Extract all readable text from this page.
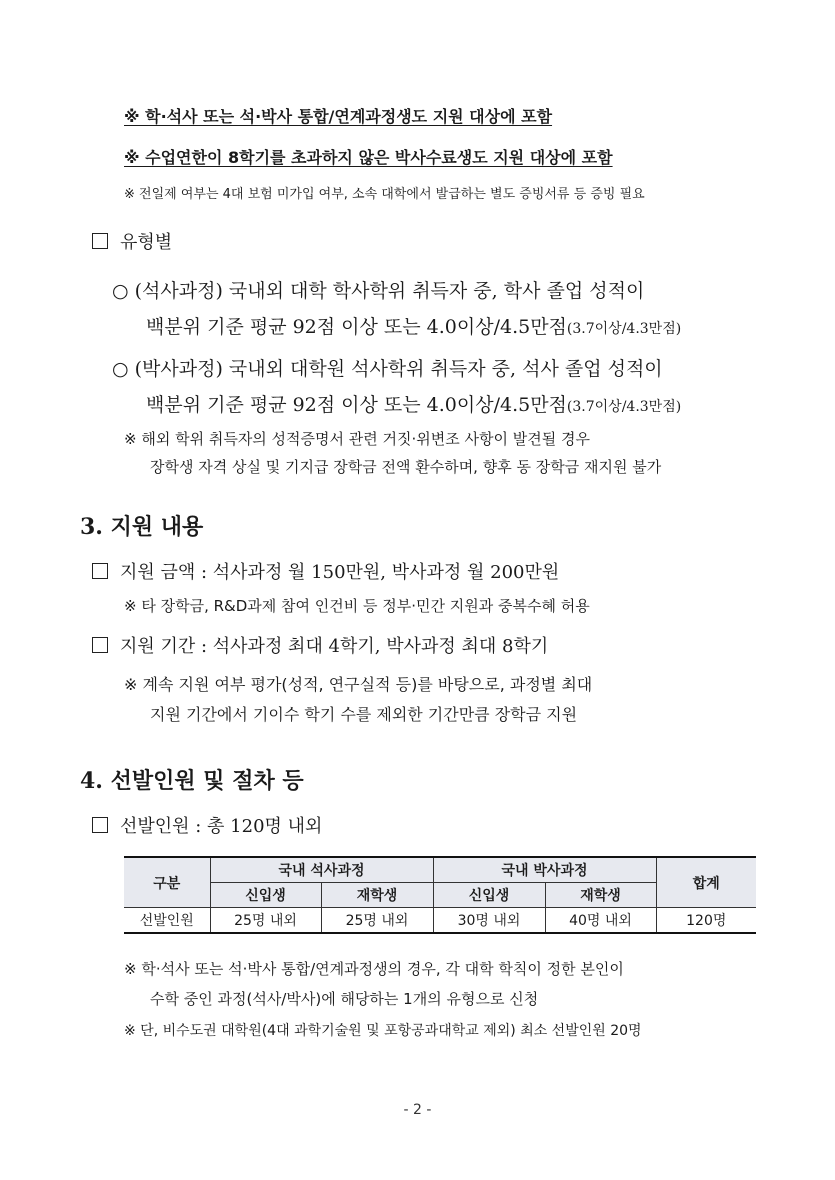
※ 학·석사 또는 석·박사 통합/연계과정생도 지원 대상에 포함
※ 수업연한이 8학기를 초과하지 않은 박사수료생도 지원 대상에 포함
※ 전일제 여부는 4대 보험 미가입 여부, 소속 대학에서 발급하는 별도 증빙서류 등 증빙 필요
유형별
○ (석사과정) 국내외 대학 학사학위 취득자 중, 학사 졸업 성적이
백분위 기준 평균 92점 이상 또는 4.0이상/4.5만점(3.7이상/4.3만점)
○ (박사과정) 국내외 대학원 석사학위 취득자 중, 석사 졸업 성적이
백분위 기준 평균 92점 이상 또는 4.0이상/4.5만점(3.7이상/4.3만점)
※ 해외 학위 취득자의 성적증명서 관련 거짓·위변조 사항이 발견될 경우
장학생 자격 상실 및 기지급 장학금 전액 환수하며, 향후 동 장학금 재지원 불가
3. 지원 내용
지원 금액 : 석사과정 월 150만원, 박사과정 월 200만원
※ 타 장학금, R&D과제 참여 인건비 등 정부·민간 지원과 중복수혜 허용
지원 기간 : 석사과정 최대 4학기, 박사과정 최대 8학기
※ 계속 지원 여부 평가(성적, 연구실적 등)를 바탕으로, 과정별 최대
지원 기간에서 기이수 학기 수를 제외한 기간만큼 장학금 지원
4. 선발인원 및 절차 등
선발인원 : 총 120명 내외
구분	국내 석사과정		국내 박사과정		합계
	신입생	재학생	신입생	재학생	
선발인원	25명 내외	25명 내외	30명 내외	40명 내외	120명
※ 학·석사 또는 석·박사 통합/연계과정생의 경우, 각 대학 학칙이 정한 본인이
수학 중인 과정(석사/박사)에 해당하는 1개의 유형으로 신청
※ 단, 비수도권 대학원(4대 과학기술원 및 포항공과대학교 제외) 최소 선발인원 20명
- 2 -
